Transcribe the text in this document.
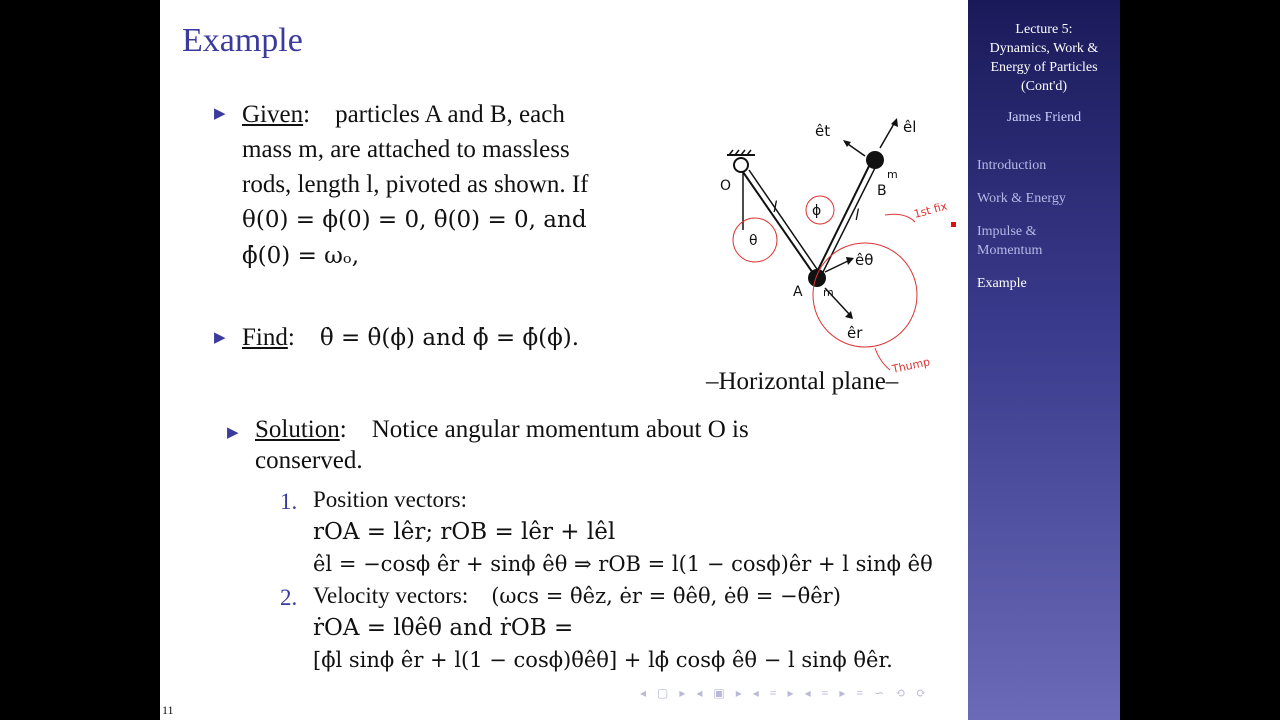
Example
▶ Given:    particles A and B, each
mass m, are attached to massless
rods, length l, pivoted as shown. If
θ(0) = ϕ(0) = 0, θ̇(0) = 0, and
ϕ̇(0) = ωₒ,
▶ Find:    θ̇ = θ̇(ϕ) and ϕ̇ = ϕ̇(ϕ).
O
A
B
m
m
l	l
ϕ
θ
êt	êl
êθ
êr
1st fix
Thump
–Horizontal plane–
▶ Solution:    Notice angular momentum about O is
conserved.
1. Position vectors:
rOA = lêr; rOB = lêr + lêl
êl = −cosϕ êr + sinϕ êθ ⇒ rOB = l(1 − cosϕ)êr + l sinϕ êθ
2. Velocity vectors: (ωcs = θ̇êz, ėr = θ̇êθ, ėθ = −θ̇êr)
ṙOA = lθ̇êθ and ṙOB =
[ϕ̇l sinϕ êr + l(1 − cosϕ)θ̇êθ] + lϕ̇ cosϕ êθ − l sinϕ θ̇êr.
◂ ▢ ▸ ◂ ▣ ▸ ◂ ≡ ▸ ◂ ≡ ▸ ≡ ∽ ⟲ ⟳
11
Lecture 5:
Dynamics, Work &
Energy of Particles
(Cont'd)
James Friend
Introduction
Work & Energy
Impulse &
Momentum
Example
